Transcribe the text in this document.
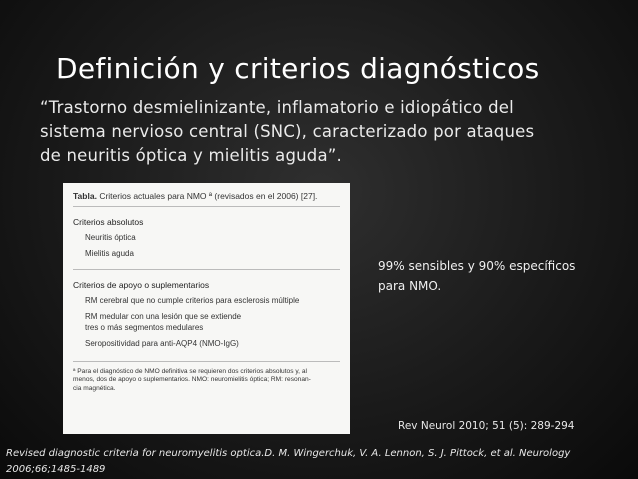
Definición y criterios diagnósticos
“Trastorno desmielinizante, inflamatorio e idiopático del
sistema nervioso central (SNC), caracterizado por ataques
de neuritis óptica y mielitis aguda”.
Tabla. Criterios actuales para NMO ª (revisados en el 2006) [27].
Criterios absolutos
Neuritis óptica
Mielitis aguda
Criterios de apoyo o suplementarios
RM cerebral que no cumple criterios para esclerosis múltiple
RM medular con una lesión que se extiende
tres o más segmentos medulares
Seropositividad para anti-AQP4 (NMO-IgG)
ª Para el diagnóstico de NMO definitiva se requieren dos criterios absolutos y, al
menos, dos de apoyo o suplementarios. NMO: neuromielitis óptica; RM: resonan-
cia magnética.
99% sensibles y 90% específicos
para NMO.
Rev Neurol 2010; 51 (5): 289-294
Revised diagnostic criteria for neuromyelitis optica.D. M. Wingerchuk, V. A. Lennon, S. J. Pittock, et al. Neurology
2006;66;1485-1489
